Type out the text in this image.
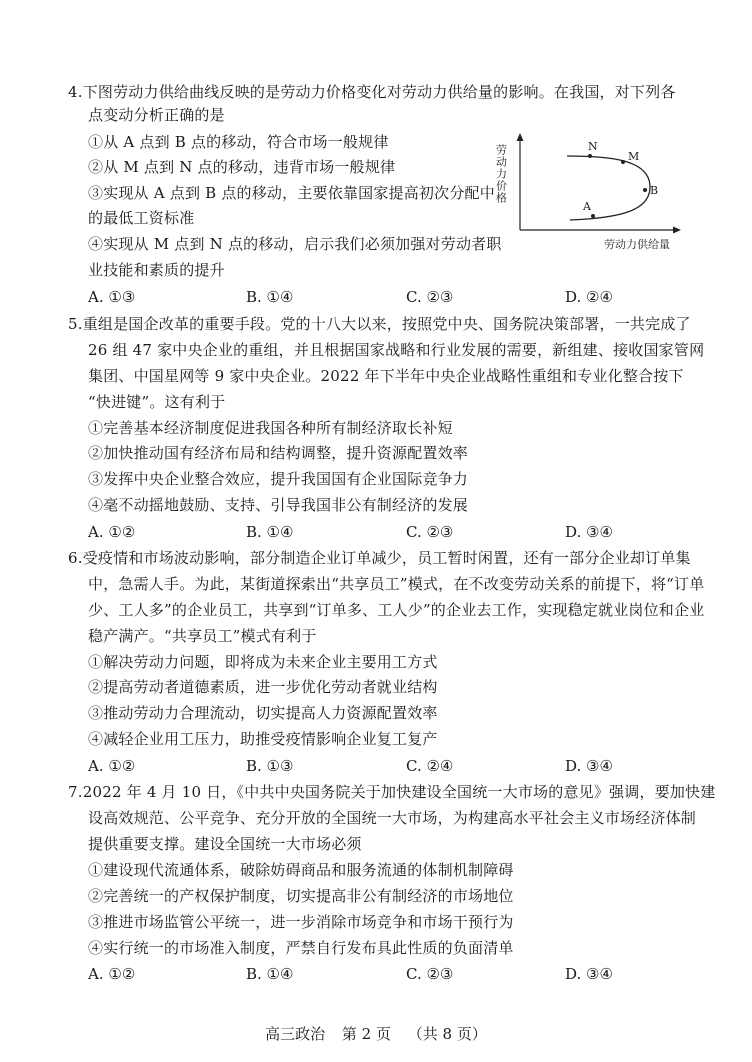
4.下图劳动力供给曲线反映的是劳动力价格变化对劳动力供给量的影响。在我国，对下列各
点变动分析正确的是
①从 A 点到 B 点的移动，符合市场一般规律
②从 M 点到 N 点的移动，违背市场一般规律
③实现从 A 点到 B 点的移动，主要依靠国家提高初次分配中
的最低工资标准
④实现从 M 点到 N 点的移动，启示我们必须加强对劳动者职
业技能和素质的提升
A. ①③	B. ①④	C. ②③	D. ②④
N
M
B
A
劳动力价格
劳动力供给量
5.重组是国企改革的重要手段。党的十八大以来，按照党中央、国务院决策部署，一共完成了
26 组 47 家中央企业的重组，并且根据国家战略和行业发展的需要，新组建、接收国家管网
集团、中国星网等 9 家中央企业。2022 年下半年中央企业战略性重组和专业化整合按下
“快进键”。这有利于
①完善基本经济制度促进我国各种所有制经济取长补短
②加快推动国有经济布局和结构调整，提升资源配置效率
③发挥中央企业整合效应，提升我国国有企业国际竞争力
④毫不动摇地鼓励、支持、引导我国非公有制经济的发展
A. ①②	B. ①④	C. ②③	D. ③④
6.受疫情和市场波动影响，部分制造企业订单减少，员工暂时闲置，还有一部分企业却订单集
中，急需人手。为此，某街道探索出“共享员工”模式，在不改变劳动关系的前提下，将“订单
少、工人多”的企业员工，共享到“订单多、工人少”的企业去工作，实现稳定就业岗位和企业
稳产满产。“共享员工”模式有利于
①解决劳动力问题，即将成为未来企业主要用工方式
②提高劳动者道德素质，进一步优化劳动者就业结构
③推动劳动力合理流动，切实提高人力资源配置效率
④减轻企业用工压力，助推受疫情影响企业复工复产
A. ①②	B. ①③	C. ②④	D. ③④
7.2022 年 4 月 10 日，《中共中央国务院关于加快建设全国统一大市场的意见》强调，要加快建
设高效规范、公平竞争、充分开放的全国统一大市场，为构建高水平社会主义市场经济体制
提供重要支撑。建设全国统一大市场必须
①建设现代流通体系，破除妨碍商品和服务流通的体制机制障碍
②完善统一的产权保护制度，切实提高非公有制经济的市场地位
③推进市场监管公平统一，进一步消除市场竞争和市场干预行为
④实行统一的市场准入制度，严禁自行发布具此性质的负面清单
A. ①②	B. ①④	C. ②③	D. ③④
高三政治 第 2 页 （共 8 页）
